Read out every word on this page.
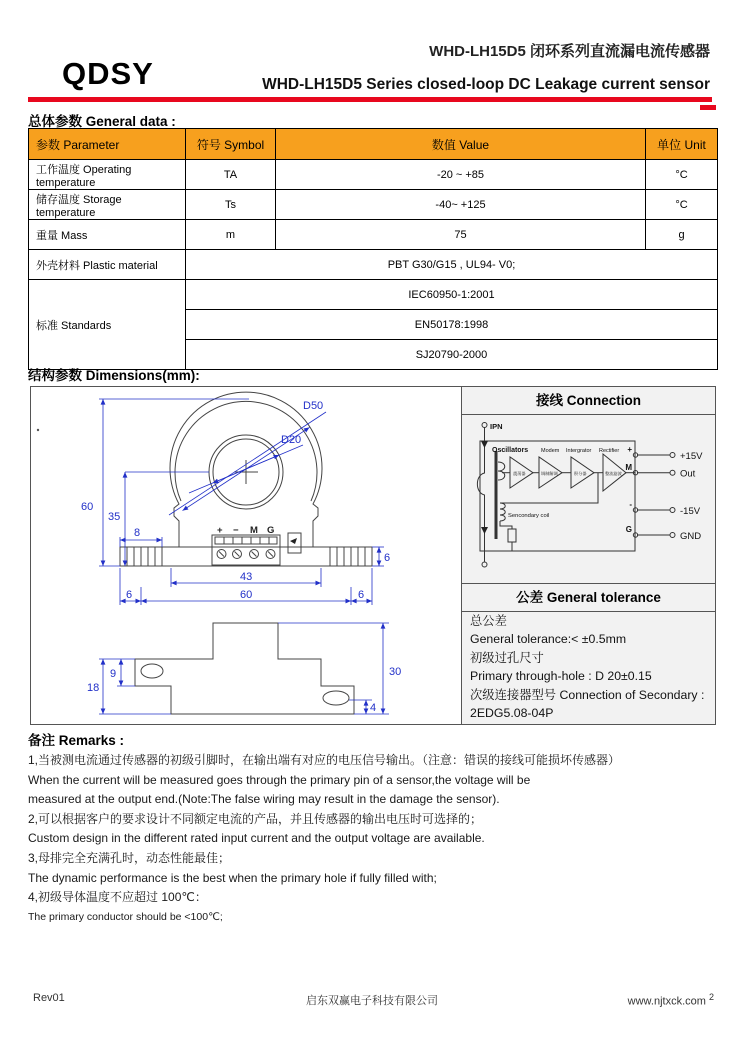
QDSY
WHD-LH15D5 闭环系列直流漏电流传感器
WHD-LH15D5 Series closed-loop DC Leakage current sensor
总体参数 General data :
参数 Parameter	符号 Symbol	数值 Value	单位 Unit
工作温度 Operating temperature	TA	-20 ~ +85	°C
储存温度 Storage temperature	Ts	-40~ +125	°C
重量 Mass	m	75	g
外壳材料 Plastic material	PBT G30/G15 , UL94- V0;		
标准 Standards	IEC60950-1:2001		
	EN50178:1998		
	SJ20790-2000		
结构参数 Dimensions(mm):
+ − M G
60
35
8
6
43
60
6	6
D50
D20
18
9	30
4
接线 Connection
IPN
Oscillators Modem Intergrator Rectifier
震荡器	调制解调	积分器	整流滤波
Sencondary coil
+
M
-
G
+15V
Out
-15V
GND
公差 General tolerance
总公差
General tolerance:< ±0.5mm
初级过孔尺寸
Primary through-hole : D 20±0.15
次级连接器型号 Connection of Secondary :
2EDG5.08-04P
备注 Remarks :
1,当被测电流通过传感器的初级引脚时，在输出端有对应的电压信号输出。（注意：错误的接线可能损坏传感器）
When the current will be measured goes through the primary pin of a sensor,the voltage will be
measured at the output end.(Note:The false wiring may result in the damage the sensor).
2,可以根据客户的要求设计不同额定电流的产品，并且传感器的输出电压时可选择的；
Custom design in the different rated input current and the output voltage are available.
3,母排完全充满孔时，动态性能最佳；
The dynamic performance is the best when the primary hole if fully filled with;
4,初级导体温度不应超过 100℃：
The primary conductor should be <100℃;
Rev01	启东双赢电子科技有限公司	www.njtxck.com $^2$
